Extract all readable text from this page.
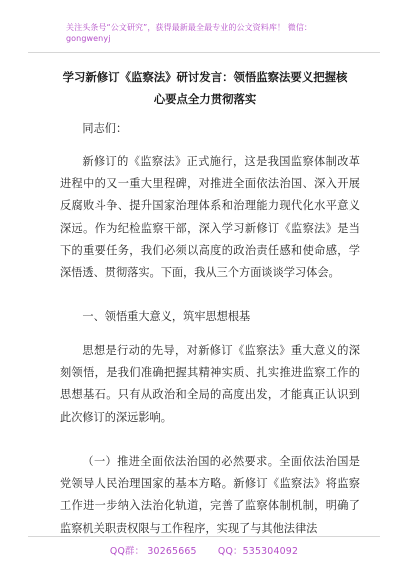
关注头条号“公文研究”，获得最新最全最专业的公文资料库！ 微信：gongwenyj
学习新修订《监察法》研讨发言：领悟监察法要义把握核
心要点全力贯彻落实
同志们：
新修订的《监察法》正式施行，这是我国监察体制改革进程中的又一重大里程碑，对推进全面依法治国、深入开展反腐败斗争、提升国家治理体系和治理能力现代化水平意义深远。作为纪检监察干部，深入学习新修订《监察法》是当下的重要任务，我们必须以高度的政治责任感和使命感，学深悟透、贯彻落实。下面，我从三个方面谈谈学习体会。
一、领悟重大意义，筑牢思想根基
思想是行动的先导，对新修订《监察法》重大意义的深刻领悟，是我们准确把握其精神实质、扎实推进监察工作的思想基石。只有从政治和全局的高度出发，才能真正认识到此次修订的深远影响。
（一）推进全面依法治国的必然要求。全面依法治国是党领导人民治理国家的基本方略。新修订《监察法》将监察工作进一步纳入法治化轨道，完善了监察体制机制，明确了监察机关职责权限与工作程序，实现了与其他法律法
QQ群： 30265665 QQ：535304092
